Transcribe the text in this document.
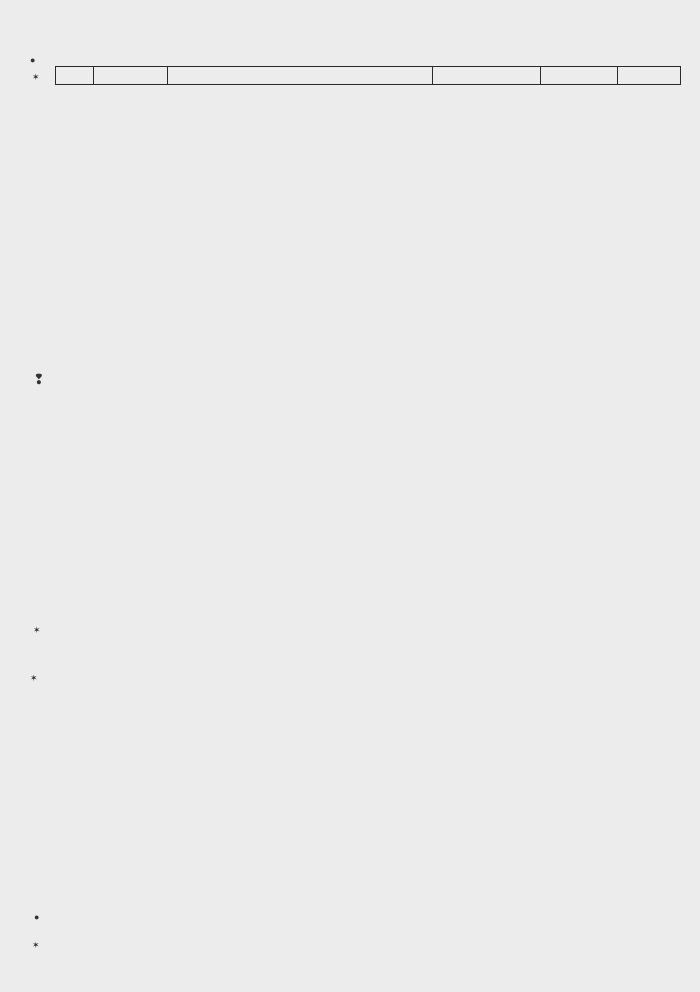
●
✶
❢
✶
✶
●
✶
